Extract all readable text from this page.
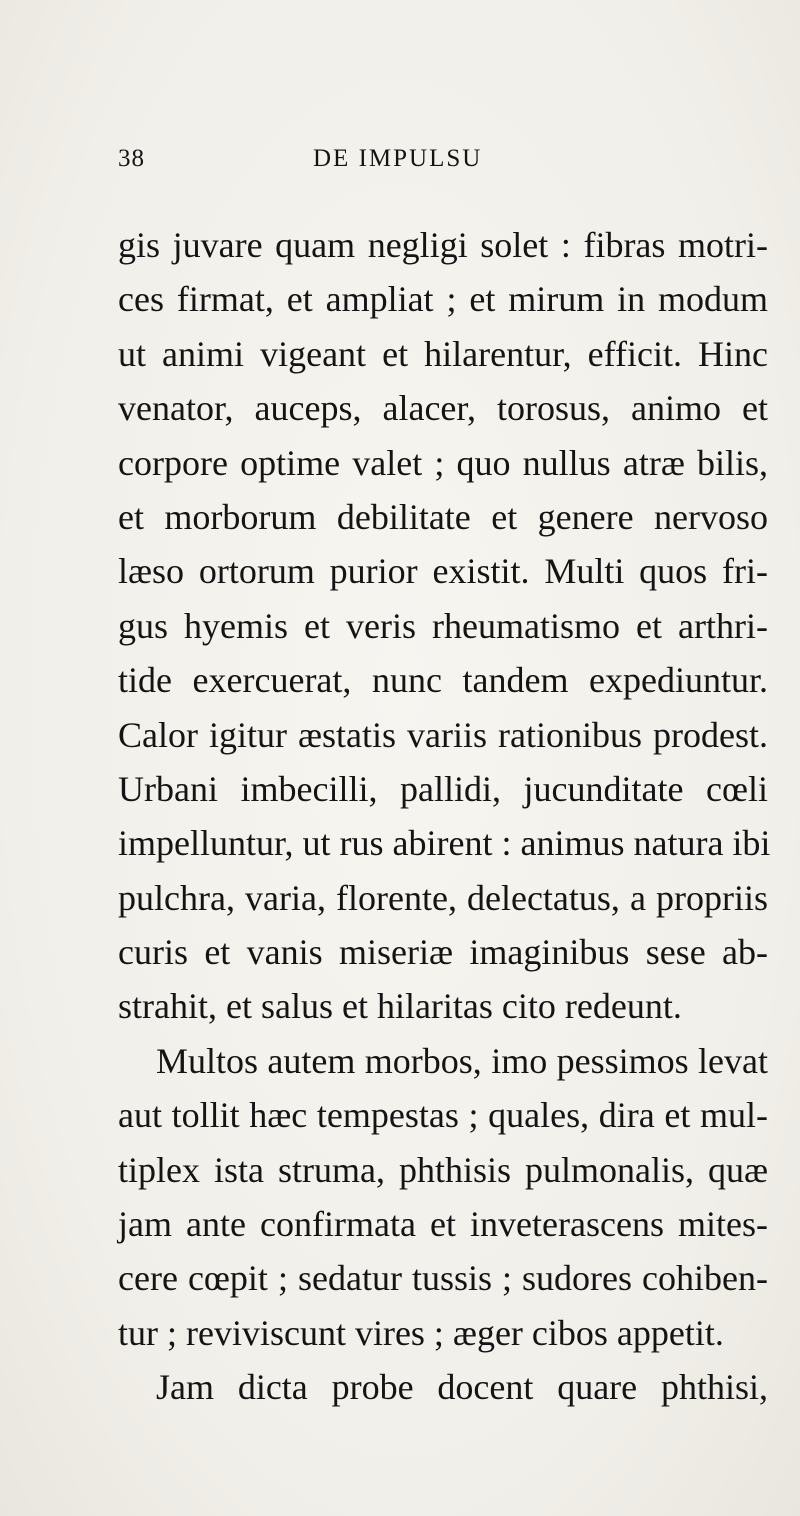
38	DE IMPULSU
gis juvare quam negligi solet : fibras motri-
ces firmat, et ampliat ; et mirum in modum
ut animi vigeant et hilarentur, efficit. Hinc
venator, auceps, alacer, torosus, animo et
corpore optime valet ; quo nullus atræ bilis,
et morborum debilitate et genere nervoso
læso ortorum purior existit. Multi quos fri-
gus hyemis et veris rheumatismo et arthri-
tide exercuerat, nunc tandem expediuntur.
Calor igitur æstatis variis rationibus prodest.
Urbani imbecilli, pallidi, jucunditate cœli
impelluntur, ut rus abirent : animus natura ibi
pulchra, varia, florente, delectatus, a propriis
curis et vanis miseriæ imaginibus sese ab-
strahit, et salus et hilaritas cito redeunt.
Multos autem morbos, imo pessimos levat
aut tollit hæc tempestas ; quales, dira et mul-
tiplex ista struma, phthisis pulmonalis, quæ
jam ante confirmata et inveterascens mites-
cere cœpit ; sedatur tussis ; sudores cohiben-
tur ; reviviscunt vires ; æger cibos appetit.
Jam dicta probe docent quare phthisi,
